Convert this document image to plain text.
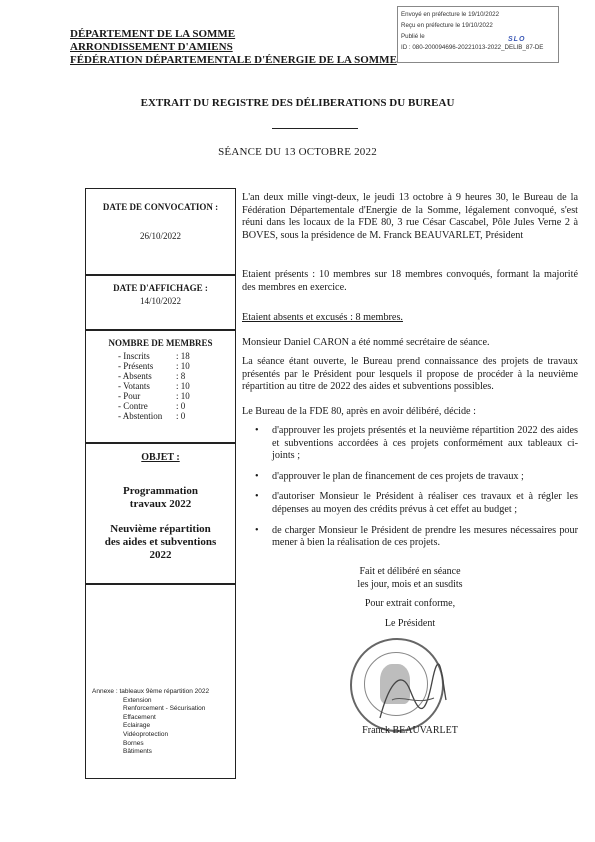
DÉPARTEMENT DE LA SOMME
ARRONDISSEMENT D'AMIENS
FÉDÉRATION DÉPARTEMENTALE D'ÉNERGIE DE LA SOMME
Envoyé en préfecture le 19/10/2022
Reçu en préfecture le 19/10/2022
Publié le
ID : 080-200094696-20221013-2022_DELIB_87-DE
SLO
EXTRAIT DU REGISTRE DES DÉLIBERATIONS DU BUREAU
SÉANCE DU 13 OCTOBRE 2022
DATE DE CONVOCATION :
26/10/2022
DATE D'AFFICHAGE :
14/10/2022
NOMBRE DE MEMBRES
- Inscrits	: 18
- Présents	: 10
- Absents	: 8
- Votants	: 10
- Pour	: 10
- Contre	: 0
- Abstention	: 0
OBJET :
Programmation
travaux 2022
Neuvième répartition
des aides et subventions
2022
Annexe : tableaux 9ème répartition 2022
Extension
Renforcement - Sécurisation
Effacement
Eclairage
Vidéoprotection
Bornes
Bâtiments
L'an deux mille vingt-deux, le jeudi 13 octobre à 9 heures 30, le Bureau de la Fédération Départementale d'Energie de la Somme, légalement convoqué, s'est réuni dans les locaux de la FDE 80, 3 rue César Cascabel, Pôle Jules Verne 2 à BOVES, sous la présidence de M. Franck BEAUVARLET, Président
Etaient présents : 10 membres sur 18 membres convoqués, formant la majorité des membres en exercice.
Etaient absents et excusés : 8 membres.
Monsieur Daniel CARON a été nommé secrétaire de séance.
La séance étant ouverte, le Bureau prend connaissance des projets de travaux présentés par le Président pour lesquels il propose de procéder à la neuvième répartition au titre de 2022 des aides et subventions possibles.
Le Bureau de la FDE 80, après en avoir délibéré, décide :
• d'approuver les projets présentés et la neuvième répartition 2022 des aides et subventions accordées à ces projets conformément aux tableaux ci-joints ;
• d'approuver le plan de financement de ces projets de travaux ;
• d'autoriser Monsieur le Président à réaliser ces travaux et à régler les dépenses au moyen des crédits prévus à cet effet au budget ;
• de charger Monsieur le Président de prendre les mesures nécessaires pour mener à bien la réalisation de ces projets.
Fait et délibéré en séance
les jour, mois et an susdits
Pour extrait conforme,
Le Président
Franck BEAUVARLET
